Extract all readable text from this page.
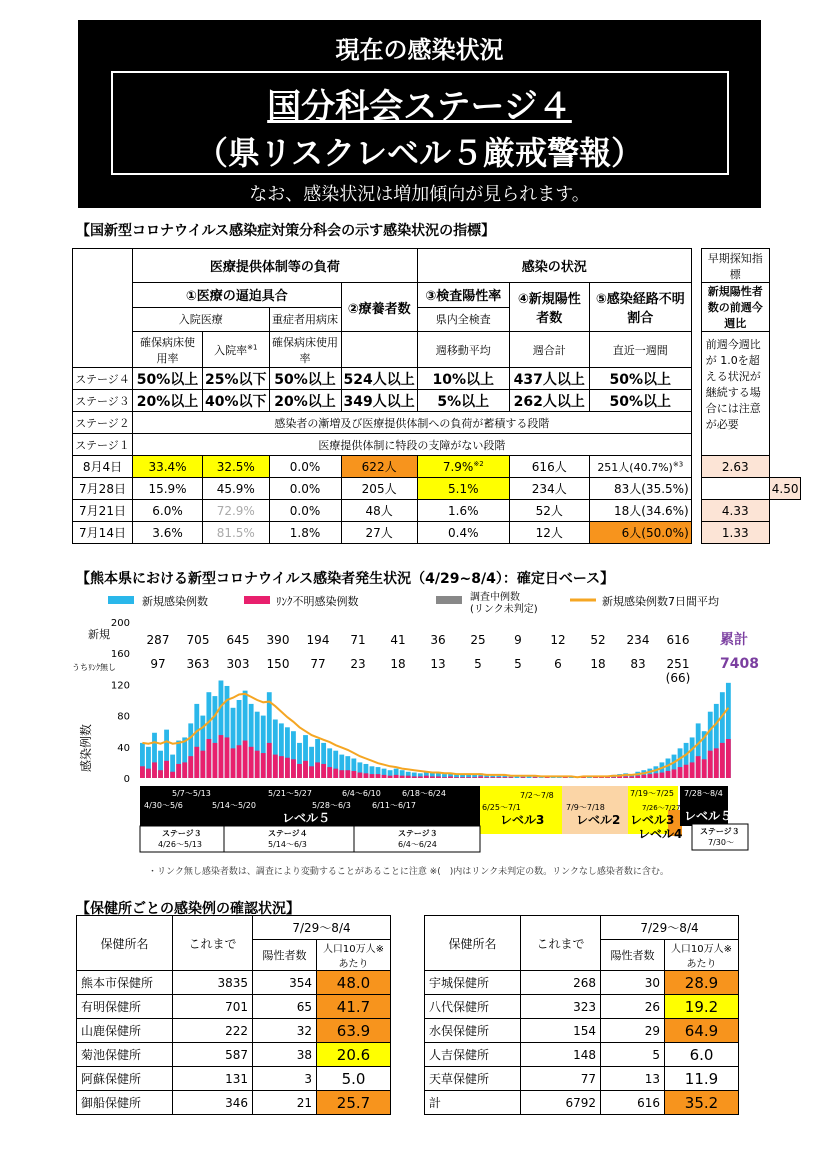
現在の感染状況
国分科会ステージ４
（県リスクレベル５厳戒警報）
なお、感染状況は増加傾向が見られます。
【国新型コロナウイルス感染症対策分科会の示す感染状況の指標】
	医療提供体制等の負荷				感染の状況				早期探知指標	
	①医療の逼迫具合			②療養者数	③検査陽性率	④新規陽性者数	⑤感染経路不明割合		新規陽性者数の前週今週比	
	入院医療		重症者用病床		県内全検査					
	確保病床使用率	入院率$^{※1}$	確保病床使用率		週移動平均	週合計	直近一週間		前週今週比が 1.0を超える状況が継続する場合には注意が必要	
ステージ４	50%以上	25%以下	50%以上	524人以上	10%以上	437人以上	50%以上			
ステージ３	20%以上	40%以下	20%以上	349人以上	5%以上	262人以上	50%以上			
ステージ２	感染者の漸増及び医療提供体制への負荷が蓄積する段階									
ステージ１	医療提供体制に特段の支障がない段階									
8月4日	33.4%	32.5%	0.0%	622人	7.9%$^{※2}$	616人	251人$(40.7\%)^{※3}$		2.63	
7月28日	15.9%	45.9%	0.0%	205人	5.1%	234人	83人(35.5%)			4.50
7月21日	6.0%	72.9%	0.0%	48人	1.6%	52人	18人(34.6%)		4.33	
7月14日	3.6%	81.5%	1.8%	27人	0.4%	12人	6人(50.0%)		1.33	
【熊本県における新型コロナウイルス感染者発生状況（4/29~8/4）：確定日ベース】
新規感染例数	ﾘﾝｸ不明感染例数	調査中例数
(リンク未判定)
新規感染例数7日間平均
新規
うちﾘﾝｸ無し
累計
7408
感染例数
0
40
80
120
160
200
287 705 645 390 194 71 41 36 25 9 12 52 234 616
97 363 303 150 77 23 18 13 5	5	6 18 83 251
(66)
5/7～5/13	5/21～5/27	6/4～6/10	6/18～6/24
4/30～5/6	5/14～5/20	5/28～6/3	6/11～6/17
レベル５
6/25～7/1
レベル3
7/2～7/8
7/9～7/18
レベル2
7/19～7/25
7/26～7/27
レベル3
レベル4
7/28～8/4
レベル５
ステージ３
4/26～5/13
ステージ４
5/14～6/3
ステージ３
6/4～6/24
ステージ３
7/30～
・リンク無し感染者数は、調査により変動することがあることに注意 ※(　)内はリンク未判定の数。リンクなし感染者数に含む。
【保健所ごとの感染例の確認状況】
保健所名	これまで	7/29～8/4	
		陽性者数	人口10万人※あたり
熊本市保健所	3835	354	48.0
有明保健所	701	65	41.7
山鹿保健所	222	32	63.9
菊池保健所	587	38	20.6
阿蘇保健所	131	3	5.0
御船保健所	346	21	25.7
保健所名	これまで	7/29～8/4	
		陽性者数	人口10万人※あたり
宇城保健所	268	30	28.9
八代保健所	323	26	19.2
水俣保健所	154	29	64.9
人吉保健所	148	5	6.0
天草保健所	77	13	11.9
計	6792	616	35.2
